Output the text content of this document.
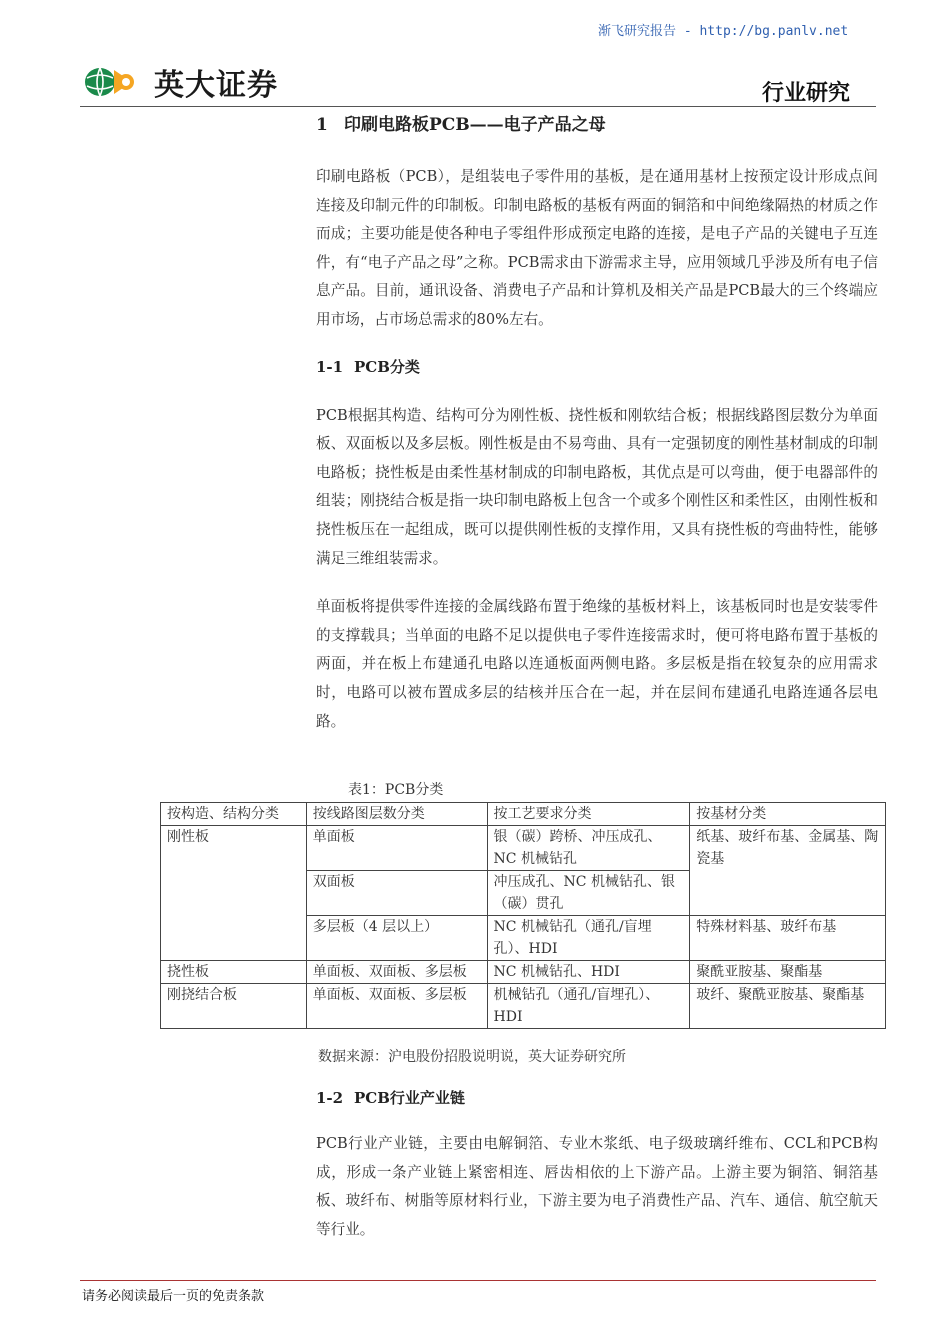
渐飞研究报告 - http://bg.panlv.net
英大证券	行业研究
1 印刷电路板PCB——电子产品之母

印刷电路板（PCB），是组装电子零件用的基板，是在通用基材上按预定设计形成点间连接及印制元件的印制板。印制电路板的基板有两面的铜箔和中间绝缘隔热的材质之作而成；主要功能是使各种电子零组件形成预定电路的连接，是电子产品的关键电子互连件，有“电子产品之母”之称。PCB需求由下游需求主导，应用领域几乎涉及所有电子信息产品。目前，通讯设备、消费电子产品和计算机及相关产品是PCB最大的三个终端应用市场，占市场总需求的80%左右。

1-1 PCB分类

PCB根据其构造、结构可分为刚性板、挠性板和刚软结合板；根据线路图层数分为单面板、双面板以及多层板。刚性板是由不易弯曲、具有一定强韧度的刚性基材制成的印制电路板；挠性板是由柔性基材制成的印制电路板，其优点是可以弯曲，便于电器部件的组装；刚挠结合板是指一块印制电路板上包含一个或多个刚性区和柔性区，由刚性板和挠性板压在一起组成，既可以提供刚性板的支撑作用，又具有挠性板的弯曲特性，能够满足三维组装需求。

单面板将提供零件连接的金属线路布置于绝缘的基板材料上，该基板同时也是安装零件的支撑载具；当单面的电路不足以提供电子零件连接需求时，便可将电路布置于基板的两面，并在板上布建通孔电路以连通板面两侧电路。多层板是指在较复杂的应用需求时，电路可以被布置成多层的结核并压合在一起，并在层间布建通孔电路连通各层电路。

表1：PCB分类
按构造、结构分类	按线路图层数分类	按工艺要求分类	按基材分类
刚性板	单面板	银（碳）跨桥、冲压成孔、NC 机械钻孔	纸基、玻纤布基、金属基、陶瓷基
	双面板	冲压成孔、NC 机械钻孔、银（碳）贯孔	
	多层板（4 层以上）	NC 机械钻孔（通孔/盲埋孔）、HDI	特殊材料基、玻纤布基
挠性板	单面板、双面板、多层板	NC 机械钻孔、HDI	聚酰亚胺基、聚酯基
刚挠结合板	单面板、双面板、多层板	机械钻孔（通孔/盲埋孔）、HDI	玻纤、聚酰亚胺基、聚酯基
数据来源：沪电股份招股说明说，英大证券研究所
1-2 PCB行业产业链

PCB行业产业链，主要由电解铜箔、专业木浆纸、电子级玻璃纤维布、CCL和PCB构成，形成一条产业链上紧密相连、唇齿相依的上下游产品。上游主要为铜箔、铜箔基板、玻纤布、树脂等原材料行业，下游主要为电子消费性产品、汽车、通信、航空航天等行业。

请务必阅读最后一页的免责条款
